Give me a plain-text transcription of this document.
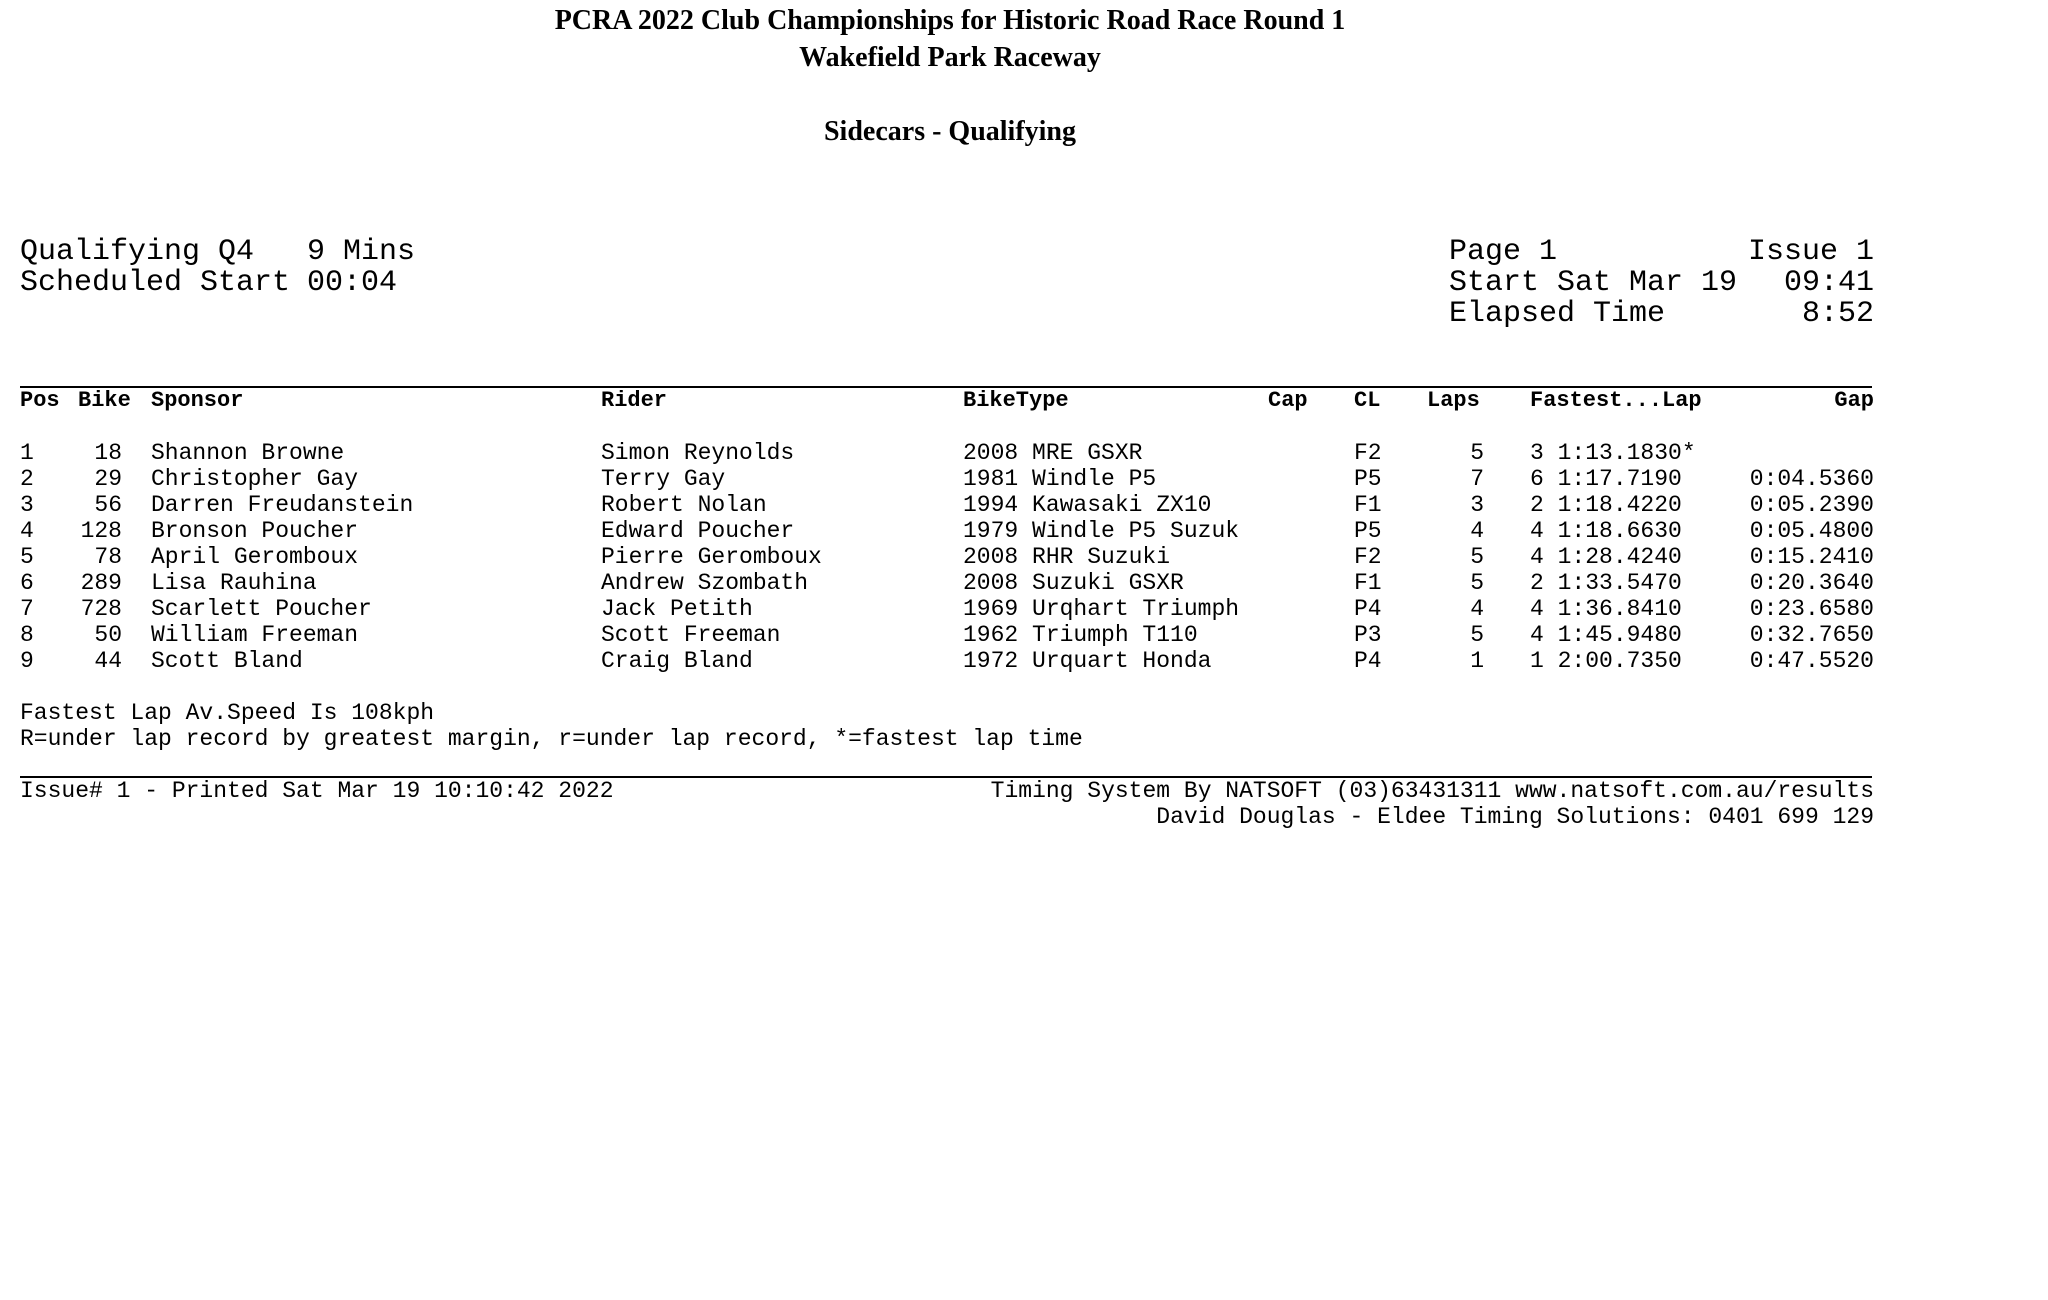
PCRA 2022 Club Championships for Historic Road Race Round 1
Wakefield Park Raceway
Sidecars - Qualifying
Qualifying Q4 9 Mins
Scheduled Start 00:04
Page 1	Issue 1
Start Sat Mar 19	09:41
Elapsed Time	8:52
Pos Bike Sponsor	Rider	BikeType	Cap CL Laps Fastest...Lap	Gap
1	18 Shannon Browne	Simon Reynolds	2008 MRE GSXR	F2	5 3 1:13.1830*
2	29 Christopher Gay	Terry Gay	1981 Windle P5	P5	7 6 1:17.7190	0:04.5360
3	56 Darren Freudanstein	Robert Nolan	1994 Kawasaki ZX10	F1	3 2 1:18.4220	0:05.2390
4	128 Bronson Poucher	Edward Poucher	1979 Windle P5 Suzuk	P5	4 4 1:18.6630	0:05.4800
5	78 April Geromboux	Pierre Geromboux	2008 RHR Suzuki	F2	5 4 1:28.4240	0:15.2410
6	289 Lisa Rauhina	Andrew Szombath	2008 Suzuki GSXR	F1	5 2 1:33.5470	0:20.3640
7	728 Scarlett Poucher	Jack Petith	1969 Urqhart Triumph	P4	4 4 1:36.8410	0:23.6580
8	50 William Freeman	Scott Freeman	1962 Triumph T110	P3	5 4 1:45.9480	0:32.7650
9	44 Scott Bland	Craig Bland	1972 Urquart Honda	P4	1 1 2:00.7350	0:47.5520
Fastest Lap Av.Speed Is 108kph
R=under lap record by greatest margin, r=under lap record, *=fastest lap time
Issue# 1 - Printed Sat Mar 19 10:10:42 2022	Timing System By NATSOFT (03)63431311 www.natsoft.com.au/results
David Douglas - Eldee Timing Solutions: 0401 699 129
